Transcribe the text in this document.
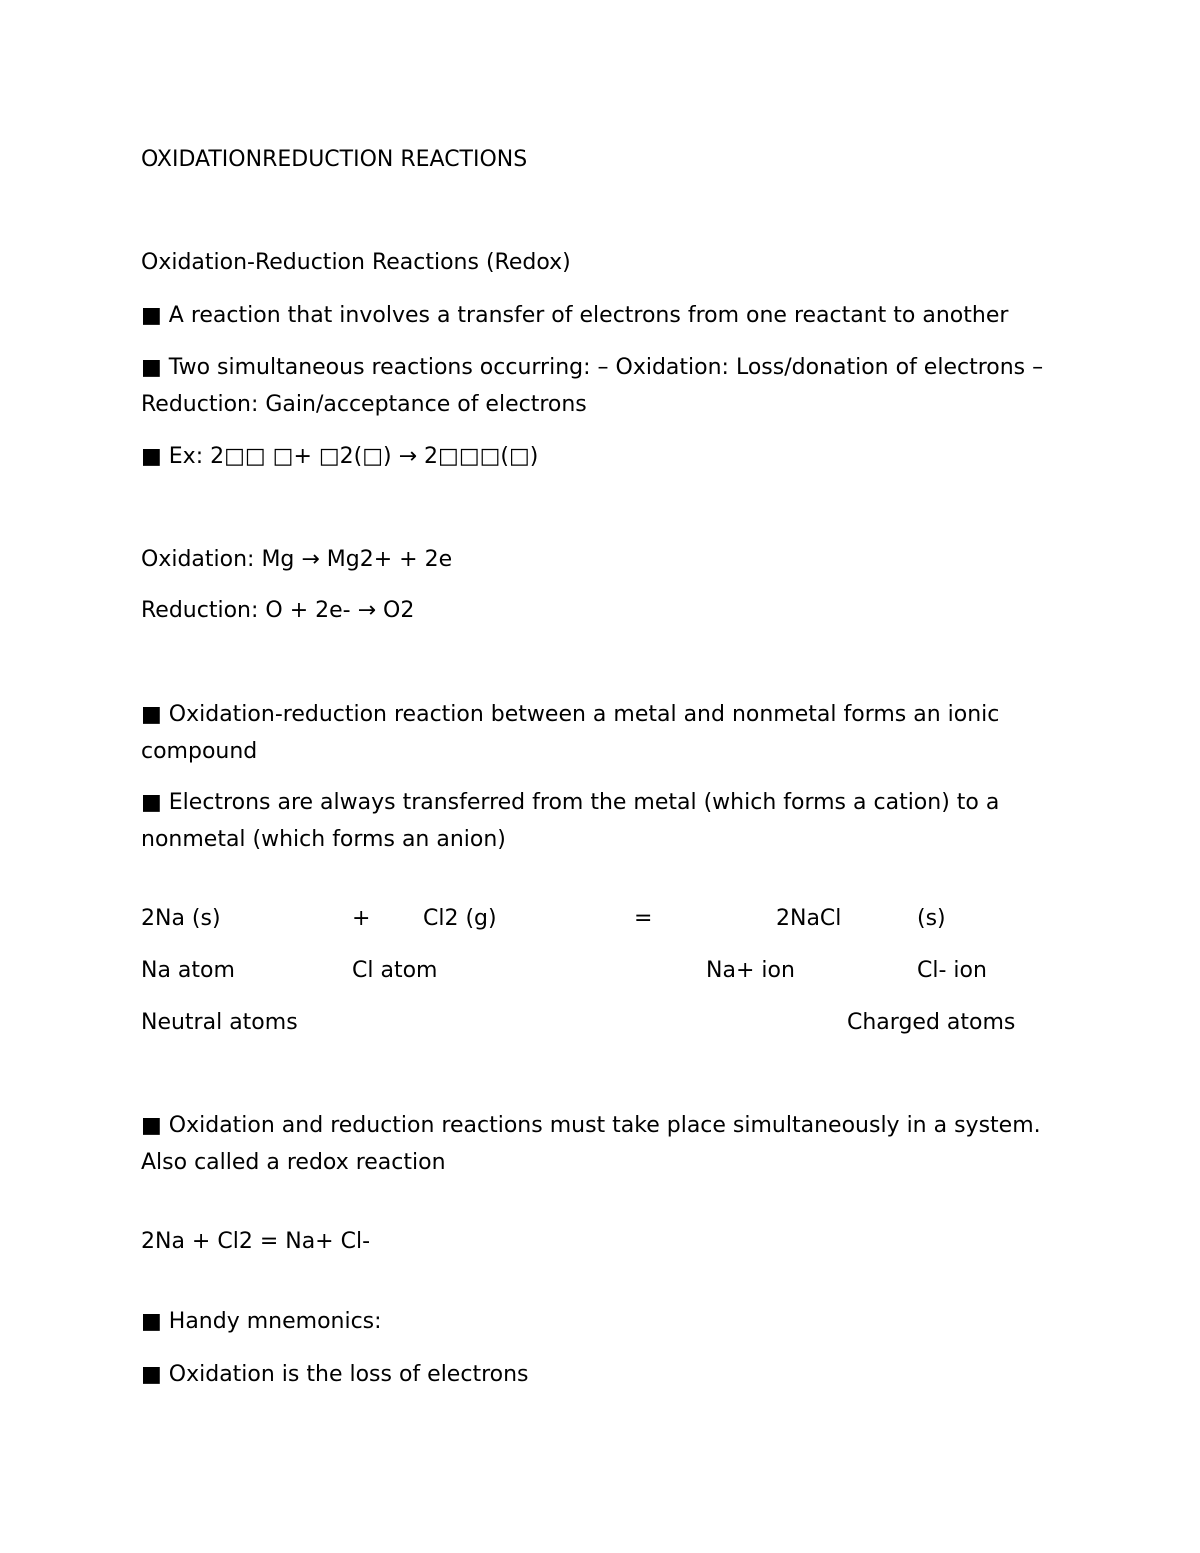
OXIDATIONREDUCTION REACTIONS
Oxidation-Reduction Reactions (Redox)
■ A reaction that involves a transfer of electrons from one reactant to another
■ Two simultaneous reactions occurring: – Oxidation: Loss/donation of electrons –
Reduction: Gain/acceptance of electrons
■ Ex: 2□□ □+ □2(□) → 2□□□(□)
Oxidation: Mg → Mg2+ + 2e
Reduction: O + 2e- → O2
■ Oxidation-reduction reaction between a metal and nonmetal forms an ionic
compound
■ Electrons are always transferred from the metal (which forms a cation) to a
nonmetal (which forms an anion)
2Na (s)	+ Cl2 (g)	=	2NaCl	(s)
Na atom	Cl atom	Na+ ion	Cl- ion
Neutral atoms	Charged atoms
■ Oxidation and reduction reactions must take place simultaneously in a system.
Also called a redox reaction
2Na + Cl2 = Na+ Cl-
■ Handy mnemonics:
■ Oxidation is the loss of electrons
